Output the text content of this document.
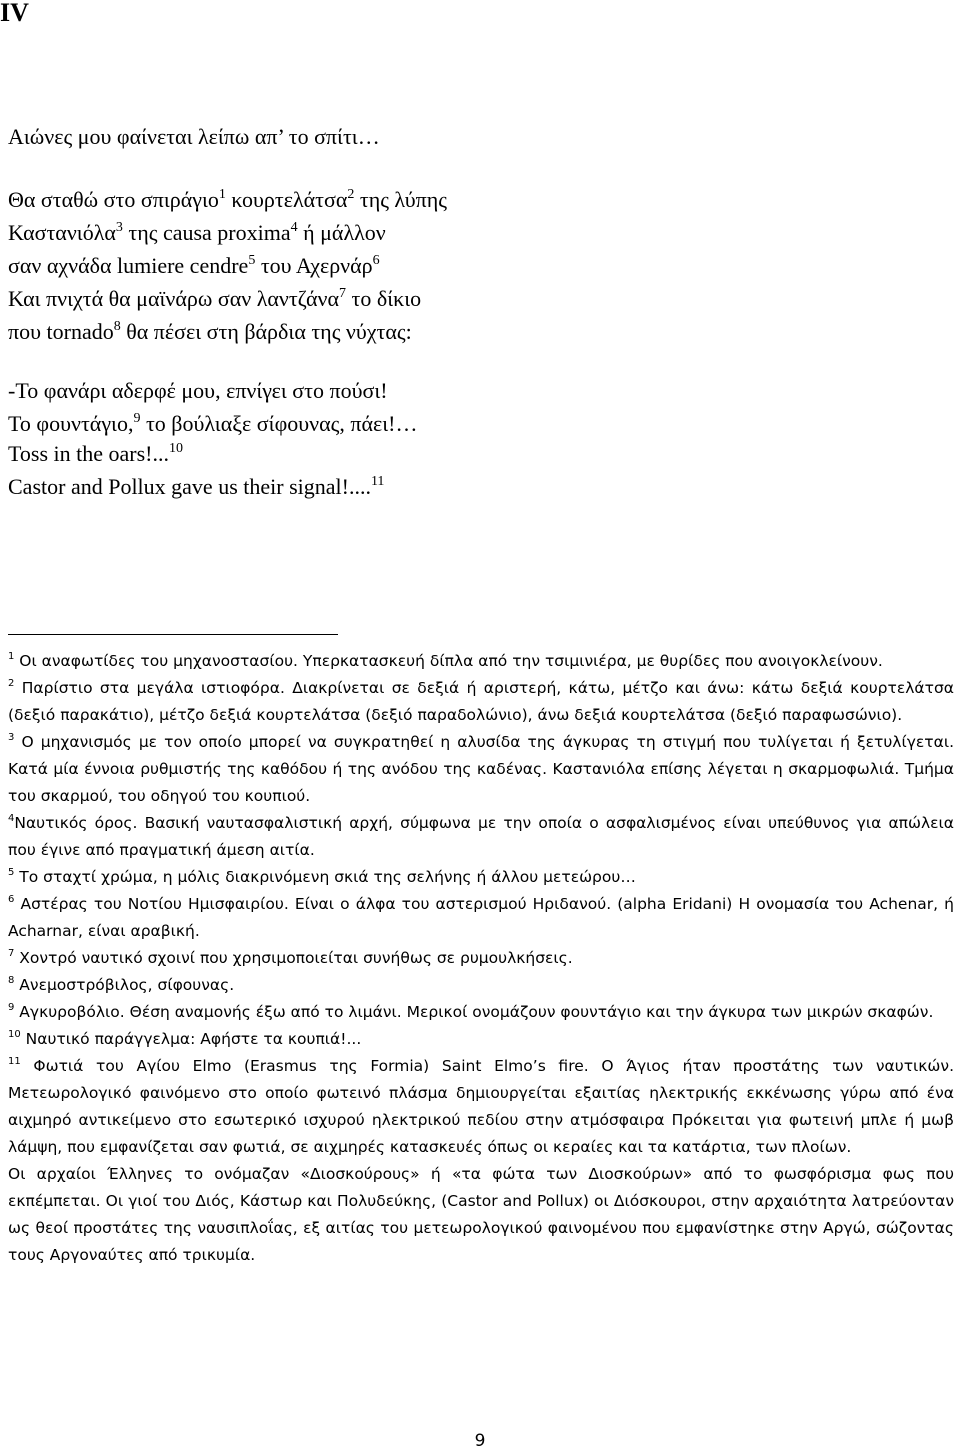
IV
Αιώνες μου φαίνεται λείπω απ’ το σπίτι…
Θα σταθώ στο σπιράγιο$^1$ κουρτελάτσα$^2$ της λύπης
Καστανιόλα$^3$ της causa proxima$^4$ ή μάλλον
σαν αχνάδα lumiere cendre$^5$ του Αχερνάρ$^6$
Και πνιχτά θα μαϊνάρω σαν λαντζάνα$^7$ το δίκιο
που tornado$^8$ θα πέσει στη βάρδια της νύχτας:
-Το φανάρι αδερφέ μου, επνίγει στο πούσι!
Το φουντάγιο,$^9$ το βούλιαξε σίφουνας, πάει!…
Toss in the oars!...$^{10}$
Castor and Pollux gave us their signal!....$^{11}$

$^1$ Οι αναφωτίδες του μηχανοστασίου. Υπερκατασκευή δίπλα από την τσιμινιέρα, με θυρίδες που ανοιγοκλείνουν.

$^2$ Παρίστιο στα μεγάλα ιστιοφόρα. Διακρίνεται σε δεξιά ή αριστερή, κάτω, μέτζο και άνω: κάτω δεξιά κουρτελάτσα (δεξιό παρακάτιο), μέτζο δεξιά κουρτελάτσα (δεξιό παραδολώνιο), άνω δεξιά κουρτελάτσα (δεξιό παραφωσώνιο).

$^3$ Ο μηχανισμός με τον οποίο μπορεί να συγκρατηθεί η αλυσίδα της άγκυρας τη στιγμή που τυλίγεται ή ξετυλίγεται. Κατά μία έννοια ρυθμιστής της καθόδου ή της ανόδου της καδένας. Καστανιόλα επίσης λέγεται η σκαρμοφωλιά. Τμήμα του σκαρμού, του οδηγού του κουπιού.

$^4$Ναυτικός όρος. Βασική ναυτασφαλιστική αρχή, σύμφωνα με την οποία ο ασφαλισμένος είναι υπεύθυνος για απώλεια που έγινε από πραγματική άμεση αιτία.

$^5$ Το σταχτί χρώμα, η μόλις διακρινόμενη σκιά της σελήνης ή άλλου μετεώρου…

$^6$ Αστέρας του Νοτίου Ημισφαιρίου. Είναι ο άλφα του αστερισμού Ηριδανού. (alpha Eridani) Η ονομασία του Achenar, ή Acharnar, είναι αραβική.

$^7$ Χοντρό ναυτικό σχοινί που χρησιμοποιείται συνήθως σε ρυμουλκήσεις.

$^8$ Ανεμοστρόβιλος, σίφουνας.

$^9$ Αγκυροβόλιο. Θέση αναμονής έξω από το λιμάνι. Μερικοί ονομάζουν φουντάγιο και την άγκυρα των μικρών σκαφών.

$^{10}$ Ναυτικό παράγγελμα: Αφήστε τα κουπιά!...

$^{11}$ Φωτιά του Αγίου Elmo (Erasmus της Formia) Saint Elmo’s fire. Ο Άγιος ήταν προστάτης των ναυτικών. Μετεωρολογικό φαινόμενο στο οποίο φωτεινό πλάσμα δημιουργείται εξαιτίας ηλεκτρικής εκκένωσης γύρω από ένα αιχμηρό αντικείμενο στο εσωτερικό ισχυρού ηλεκτρικού πεδίου στην ατμόσφαιρα Πρόκειται για φωτεινή μπλε ή μωβ λάμψη, που εμφανίζεται σαν φωτιά, σε αιχμηρές κατασκευές όπως οι κεραίες και τα κατάρτια, των πλοίων.

Οι αρχαίοι Έλληνες το ονόμαζαν «Διοσκούρους» ή «τα φώτα των Διοσκούρων» από το φωσφόρισμα φως που εκπέμπεται. Οι γιοί του Διός, Κάστωρ και Πολυδεύκης, (Castor and Pollux) οι Διόσκουροι, στην αρχαιότητα λατρεύονταν ως θεοί προστάτες της ναυσιπλοΐας, εξ αιτίας του μετεωρολογικού φαινομένου που εμφανίστηκε στην Αργώ, σώζοντας τους Αργοναύτες από τρικυμία.

9
